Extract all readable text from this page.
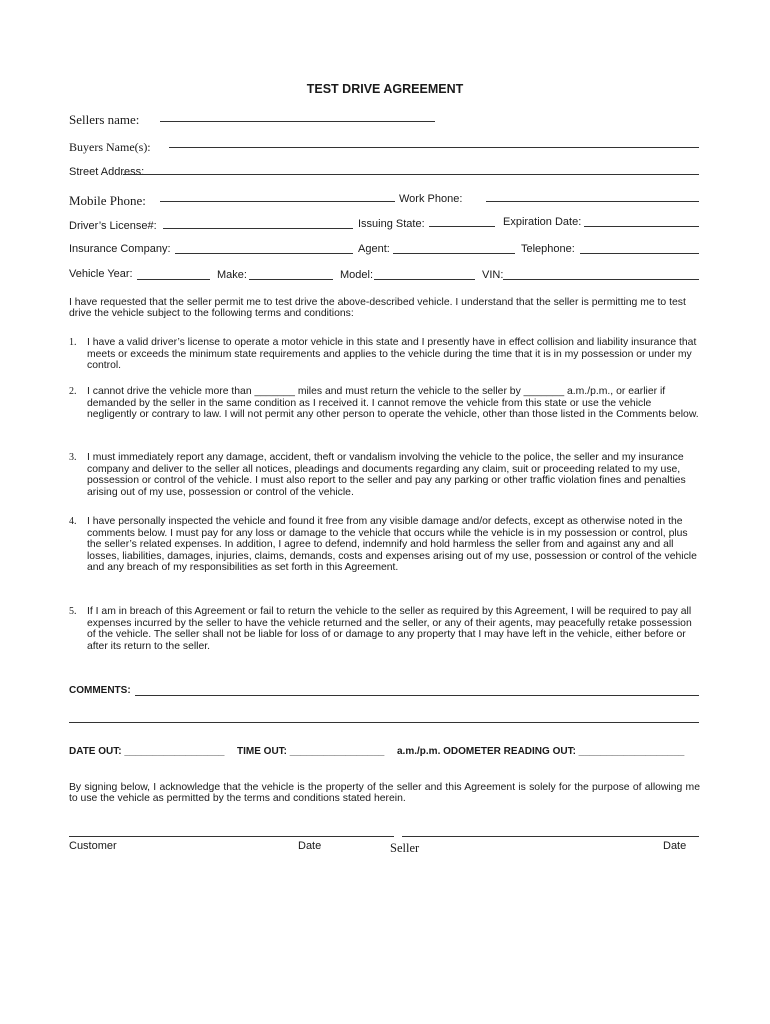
TEST DRIVE AGREEMENT
Sellers name:
Buyers Name(s):
Street Address:
Mobile Phone:	Work Phone:
Driver’s License#:	Issuing State:	Expiration Date:
Insurance Company:	Agent:	Telephone:
Vehicle Year:	Make:	Model:	VIN:
I have requested that the seller permit me to test drive the above-described vehicle. I understand that the seller is permitting me to test drive the vehicle subject to the following terms and conditions:
1. I have a valid driver’s license to operate a motor vehicle in this state and I presently have in effect collision and liability insurance that meets or exceeds the minimum state requirements and applies to the vehicle during the time that it is in my possession or under my control.
2. I cannot drive the vehicle more than _______ miles and must return the vehicle to the seller by _______ a.m./p.m., or earlier if demanded by the seller in the same condition as I received it. I cannot remove the vehicle from this state or use the vehicle negligently or contrary to law. I will not permit any other person to operate the vehicle, other than those listed in the Comments below.
3. I must immediately report any damage, accident, theft or vandalism involving the vehicle to the police, the seller and my insurance company and deliver to the seller all notices, pleadings and documents regarding any claim, suit or proceeding related to my use, possession or control of the vehicle. I must also report to the seller and pay any parking or other traffic violation fines and penalties arising out of my use, possession or control of the vehicle.
4. I have personally inspected the vehicle and found it free from any visible damage and/or defects, except as otherwise noted in the comments below. I must pay for any loss or damage to the vehicle that occurs while the vehicle is in my possession or control, plus the seller’s related expenses. In addition, I agree to defend, indemnify and hold harmless the seller from and against any and all losses, liabilities, damages, injuries, claims, demands, costs and expenses arising out of my use, possession or control of the vehicle and any breach of my responsibilities as set forth in this Agreement.
5. If I am in breach of this Agreement or fail to return the vehicle to the seller as required by this Agreement, I will be required to pay all expenses incurred by the seller to have the vehicle returned and the seller, or any of their agents, may peacefully retake possession of the vehicle. The seller shall not be liable for loss of or damage to any property that I may have left in the vehicle, either before or after its return to the seller.
COMMENTS:
DATE OUT: __________________ TIME OUT: _________________ a.m./p.m. ODOMETER READING OUT: ___________________
By signing below, I acknowledge that the vehicle is the property of the seller and this Agreement is solely for the purpose of allowing me to use the vehicle as permitted by the terms and conditions stated herein.
Customer	Date	Seller	Date
